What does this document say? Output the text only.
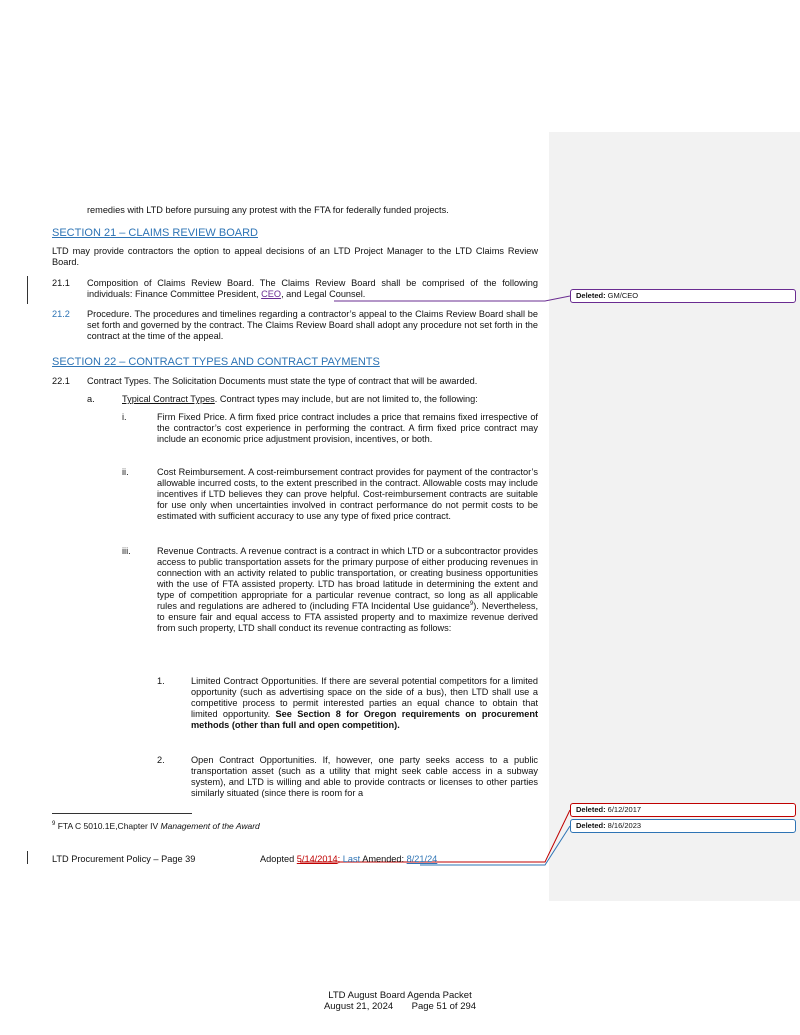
remedies with LTD before pursuing any protest with the FTA for federally funded projects.
SECTION 21 – CLAIMS REVIEW BOARD
LTD may provide contractors the option to appeal decisions of an LTD Project Manager to the LTD Claims Review Board.
21.1 Composition of Claims Review Board. The Claims Review Board shall be comprised of the following individuals: Finance Committee President, CEO, and Legal Counsel.
21.2 Procedure. The procedures and timelines regarding a contractor’s appeal to the Claims Review Board shall be set forth and governed by the contract. The Claims Review Board shall adopt any procedure not set forth in the contract at the time of the appeal.
SECTION 22 – CONTRACT TYPES AND CONTRACT PAYMENTS
22.1 Contract Types. The Solicitation Documents must state the type of contract that will be awarded.
a.	Typical Contract Types. Contract types may include, but are not limited to, the following:
i.	Firm Fixed Price. A firm fixed price contract includes a price that remains fixed irrespective of the contractor’s cost experience in performing the contract. A firm fixed price contract may include an economic price adjustment provision, incentives, or both.
ii.	Cost Reimbursement. A cost-reimbursement contract provides for payment of the contractor’s allowable incurred costs, to the extent prescribed in the contract. Allowable costs may include incentives if LTD believes they can prove helpful. Cost-reimbursement contracts are suitable for use only when uncertainties involved in contract performance do not permit costs to be estimated with sufficient accuracy to use any type of fixed price contract.
iii.	Revenue Contracts. A revenue contract is a contract in which LTD or a subcontractor provides access to public transportation assets for the primary purpose of either producing revenues in connection with an activity related to public transportation, or creating business opportunities with the use of FTA assisted property. LTD has broad latitude in determining the extent and type of competition appropriate for a particular revenue contract, so long as all applicable rules and regulations are adhered to (including FTA Incidental Use guidance$^9$). Nevertheless, to ensure fair and equal access to FTA assisted property and to maximize revenue derived from such property, LTD shall conduct its revenue contracting as follows:
1.	Limited Contract Opportunities. If there are several potential competitors for a limited opportunity (such as advertising space on the side of a bus), then LTD shall use a competitive process to permit interested parties an equal chance to obtain that limited opportunity. See Section 8 for Oregon requirements on procurement methods (other than full and open competition).
2.	Open Contract Opportunities. If, however, one party seeks access to a public transportation asset (such as a utility that might seek cable access in a subway system), and LTD is willing and able to provide contracts or licenses to other parties similarly situated (since there is room for a
$^9$ FTA C 5010.1E,Chapter IV Management of the Award
LTD Procurement Policy – Page 39	Adopted 5/14/2014; Last Amended: 8/21/24
Deleted: GM/CEO
Deleted: 6/12/2017
Deleted: 8/16/2023
LTD August Board Agenda Packet
August 21, 2024       Page 51 of 294
